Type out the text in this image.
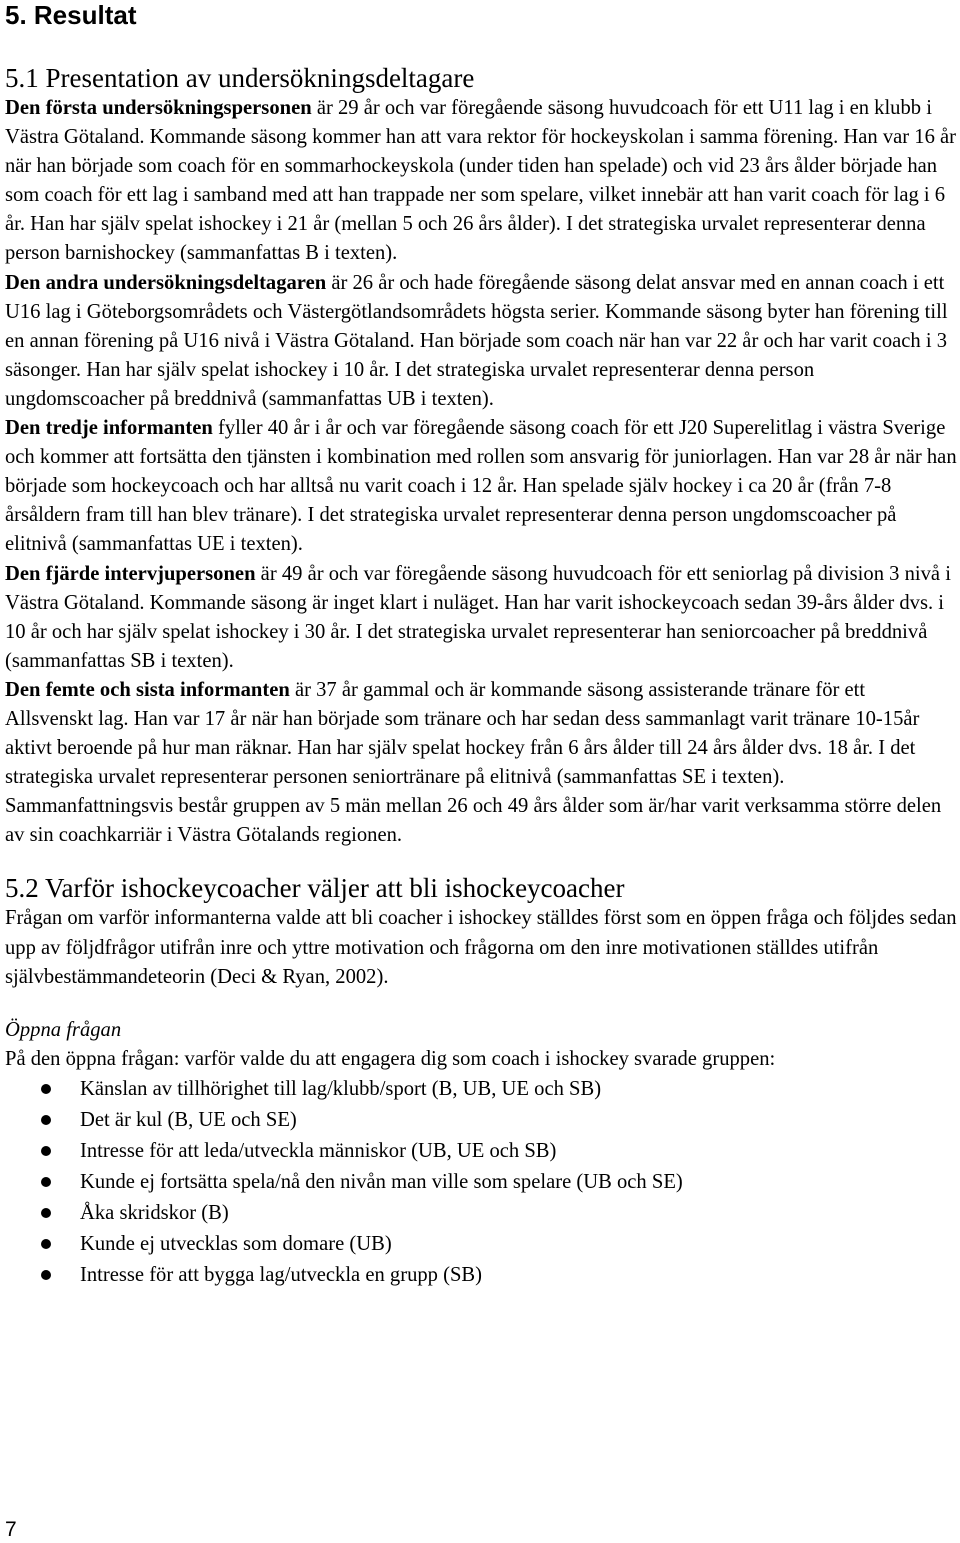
5. Resultat
5.1 Presentation av undersökningsdeltagare

Den första undersökningspersonen är 29 år och var föregående säsong huvudcoach för ett U11 lag i en klubb i Västra Götaland. Kommande säsong kommer han att vara rektor för hockeyskolan i samma förening. Han var 16 år när han började som coach för en sommarhockeyskola (under tiden han spelade) och vid 23 års ålder började han som coach för ett lag i samband med att han trappade ner som spelare, vilket innebär att han varit coach för lag i 6 år. Han har själv spelat ishockey i 21 år (mellan 5 och 26 års ålder). I det strategiska urvalet representerar denna person barnishockey (sammanfattas B i texten).

Den andra undersökningsdeltagaren är 26 år och hade föregående säsong delat ansvar med en annan coach i ett U16 lag i Göteborgsområdets och Västergötlandsområdets högsta serier. Kommande säsong byter han förening till en annan förening på U16 nivå i Västra Götaland. Han började som coach när han var 22 år och har varit coach i 3 säsonger. Han har själv spelat ishockey i 10 år. I det strategiska urvalet representerar denna person ungdomscoacher på breddnivå (sammanfattas UB i texten).

Den tredje informanten fyller 40 år i år och var föregående säsong coach för ett J20 Superelitlag i västra Sverige och kommer att fortsätta den tjänsten i kombination med rollen som ansvarig för juniorlagen. Han var 28 år när han började som hockeycoach och har alltså nu varit coach i 12 år. Han spelade själv hockey i ca 20 år (från 7-8 årsåldern fram till han blev tränare). I det strategiska urvalet representerar denna person ungdomscoacher på elitnivå (sammanfattas UE i texten).

Den fjärde intervjupersonen är 49 år och var föregående säsong huvudcoach för ett seniorlag på division 3 nivå i Västra Götaland. Kommande säsong är inget klart i nuläget. Han har varit ishockeycoach sedan 39-års ålder dvs. i 10 år och har själv spelat ishockey i 30 år. I det strategiska urvalet representerar han seniorcoacher på breddnivå (sammanfattas SB i texten).

Den femte och sista informanten är 37 år gammal och är kommande säsong assisterande tränare för ett Allsvenskt lag. Han var 17 år när han började som tränare och har sedan dess sammanlagt varit tränare 10-15år aktivt beroende på hur man räknar. Han har själv spelat hockey från 6 års ålder till 24 års ålder dvs. 18 år. I det strategiska urvalet representerar personen seniortränare på elitnivå (sammanfattas SE i texten).

Sammanfattningsvis består gruppen av 5 män mellan 26 och 49 års ålder som är/har varit verksamma större delen av sin coachkarriär i Västra Götalands regionen.

5.2 Varför ishockeycoacher väljer att bli ishockeycoacher

Frågan om varför informanterna valde att bli coacher i ishockey ställdes först som en öppen fråga och följdes sedan upp av följdfrågor utifrån inre och yttre motivation och frågorna om den inre motivationen ställdes utifrån självbestämmandeteorin (Deci & Ryan, 2002).

Öppna frågan

På den öppna frågan: varför valde du att engagera dig som coach i ishockey svarade gruppen:

Känslan av tillhörighet till lag/klubb/sport (B, UB, UE och SB)
Det är kul (B, UE och SE)
Intresse för att leda/utveckla människor (UB, UE och SB)
Kunde ej fortsätta spela/nå den nivån man ville som spelare (UB och SE)
Åka skridskor (B)
Kunde ej utvecklas som domare (UB)
Intresse för att bygga lag/utveckla en grupp (SB)
7
